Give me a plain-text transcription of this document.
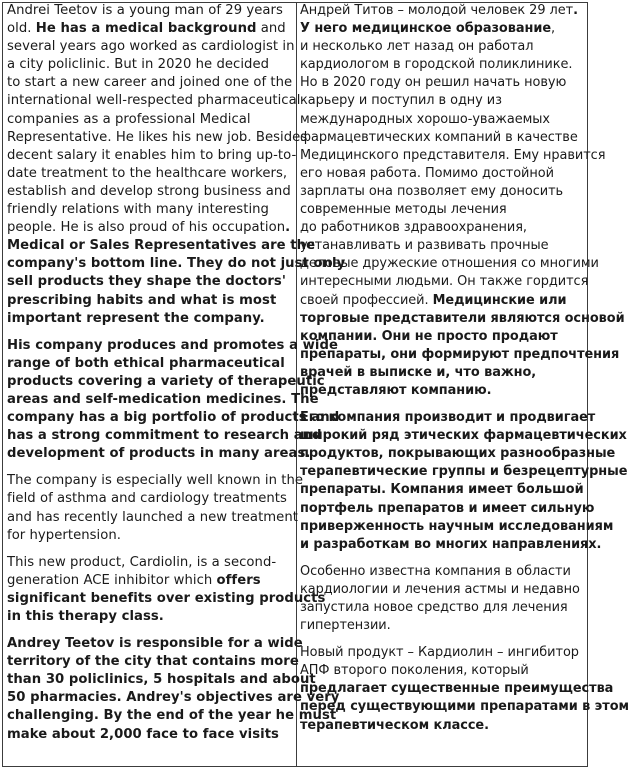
Andrei Teetov is a young man of 29 years
old. He has a medical background and
several years ago worked as cardiologist in
a city policlinic. But in 2020 he decided
to start a new career and joined one of the
international well-respected pharmaceutical
companies as a professional Medical
Representative. He likes his new job. Besides
decent salary it enables him to bring up-to-
date treatment to the healthcare workers,
establish and develop strong business and
friendly relations with many interesting
people. He is also proud of his occupation.
Medical or Sales Representatives are the
company's bottom line. They do not just only
sell products they shape the doctors'
prescribing habits and what is most
important represent the company.
His company produces and promotes a wide
range of both ethical pharmaceutical
products covering a variety of therapeutic
areas and self-medication medicines. The
company has a big portfolio of products and
has a strong commitment to research and
development of products in many areas.
The company is especially well known in the
field of asthma and cardiology treatments
and has recently launched a new treatment
for hypertension.
This new product, Cardiolin, is a second-
generation ACE inhibitor which offers
significant benefits over existing products
in this therapy class.
Andrey Teetov is responsible for a wide
territory of the city that contains more
than 30 policlinics, 5 hospitals and about
50 pharmacies. Andrey's objectives are very
challenging. By the end of the year he must
make about 2,000 face to face visits
Андрей Титов – молодой человек 29 лет.
У него медицинское образование,
и несколько лет назад он работал
кардиологом в городской поликлинике.
Но в 2020 году он решил начать новую
карьеру и поступил в одну из
международных хорошо-уважаемых
фармацевтических компаний в качестве
Медицинского представителя. Ему нравится
его новая работа. Помимо достойной
зарплаты она позволяет ему доносить
современные методы лечения
до работников здравоохранения,
устанавливать и развивать прочные
деловые дружеские отношения со многими
интересными людьми. Он также гордится
своей профессией. Медицинские или
торговые представители являются основой
компании. Они не просто продают
препараты, они формируют предпочтения
врачей в выписке и, что важно,
представляют компанию.
Его компания производит и продвигает
широкий ряд этических фармацевтических
продуктов, покрывающих разнообразные
терапевтические группы и безрецептурные
препараты. Компания имеет большой
портфель препаратов и имеет сильную
приверженность научным исследованиям
и разработкам во многих направлениях.
Особенно известна компания в области
кардиологии и лечения астмы и недавно
запустила новое средство для лечения
гипертензии.
Новый продукт – Кардиолин – ингибитор
АПФ второго поколения, который
предлагает существенные преимущества
перед существующими препаратами в этом
терапевтическом классе.
